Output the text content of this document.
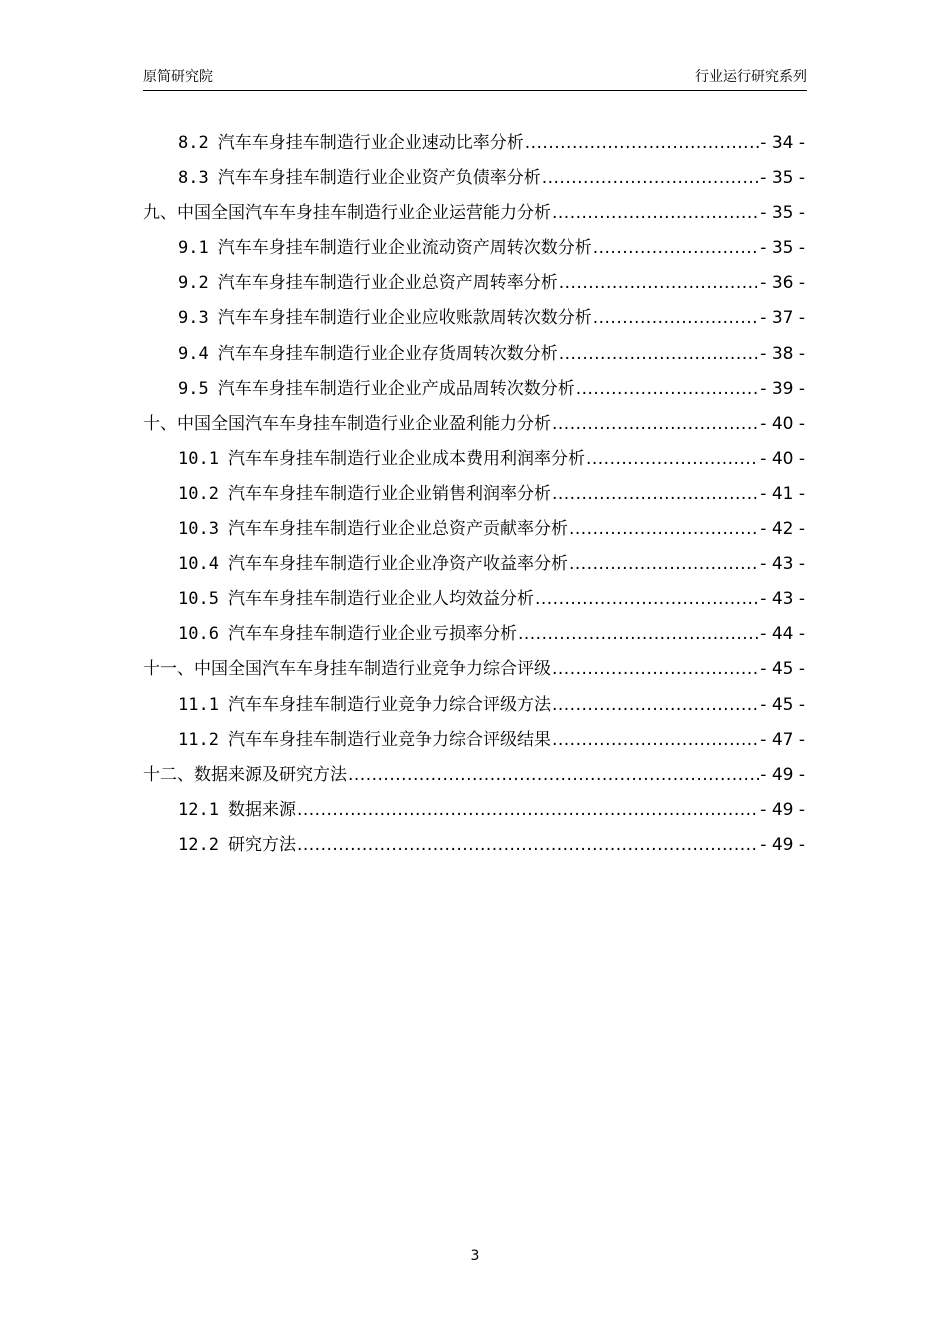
原简研究院	行业运行研究系列
8.2 汽车车身挂车制造行业企业速动比率分析 .....	- 34 -
8.3 汽车车身挂车制造行业企业资产负债率分析 .....	- 35 -
九、中国全国汽车车身挂车制造行业企业运营能力分析 .....	- 35 -
9.1 汽车车身挂车制造行业企业流动资产周转次数分析 .....	- 35 -
9.2 汽车车身挂车制造行业企业总资产周转率分析 .....	- 36 -
9.3 汽车车身挂车制造行业企业应收账款周转次数分析 .....	- 37 -
9.4 汽车车身挂车制造行业企业存货周转次数分析 .....	- 38 -
9.5 汽车车身挂车制造行业企业产成品周转次数分析 .....	- 39 -
十、中国全国汽车车身挂车制造行业企业盈利能力分析 .....	- 40 -
10.1 汽车车身挂车制造行业企业成本费用利润率分析 .....	- 40 -
10.2 汽车车身挂车制造行业企业销售利润率分析 .....	- 41 -
10.3 汽车车身挂车制造行业企业总资产贡献率分析 .....	- 42 -
10.4 汽车车身挂车制造行业企业净资产收益率分析 .....	- 43 -
10.5 汽车车身挂车制造行业企业人均效益分析 .....	- 43 -
10.6 汽车车身挂车制造行业企业亏损率分析 .....	- 44 -
十一、中国全国汽车车身挂车制造行业竞争力综合评级 .....	- 45 -
11.1 汽车车身挂车制造行业竞争力综合评级方法 .....	- 45 -
11.2 汽车车身挂车制造行业竞争力综合评级结果 .....	- 47 -
十二、数据来源及研究方法 .....	- 49 -
12.1 数据来源 .....	- 49 -
12.2 研究方法 .....	- 49 -
3
